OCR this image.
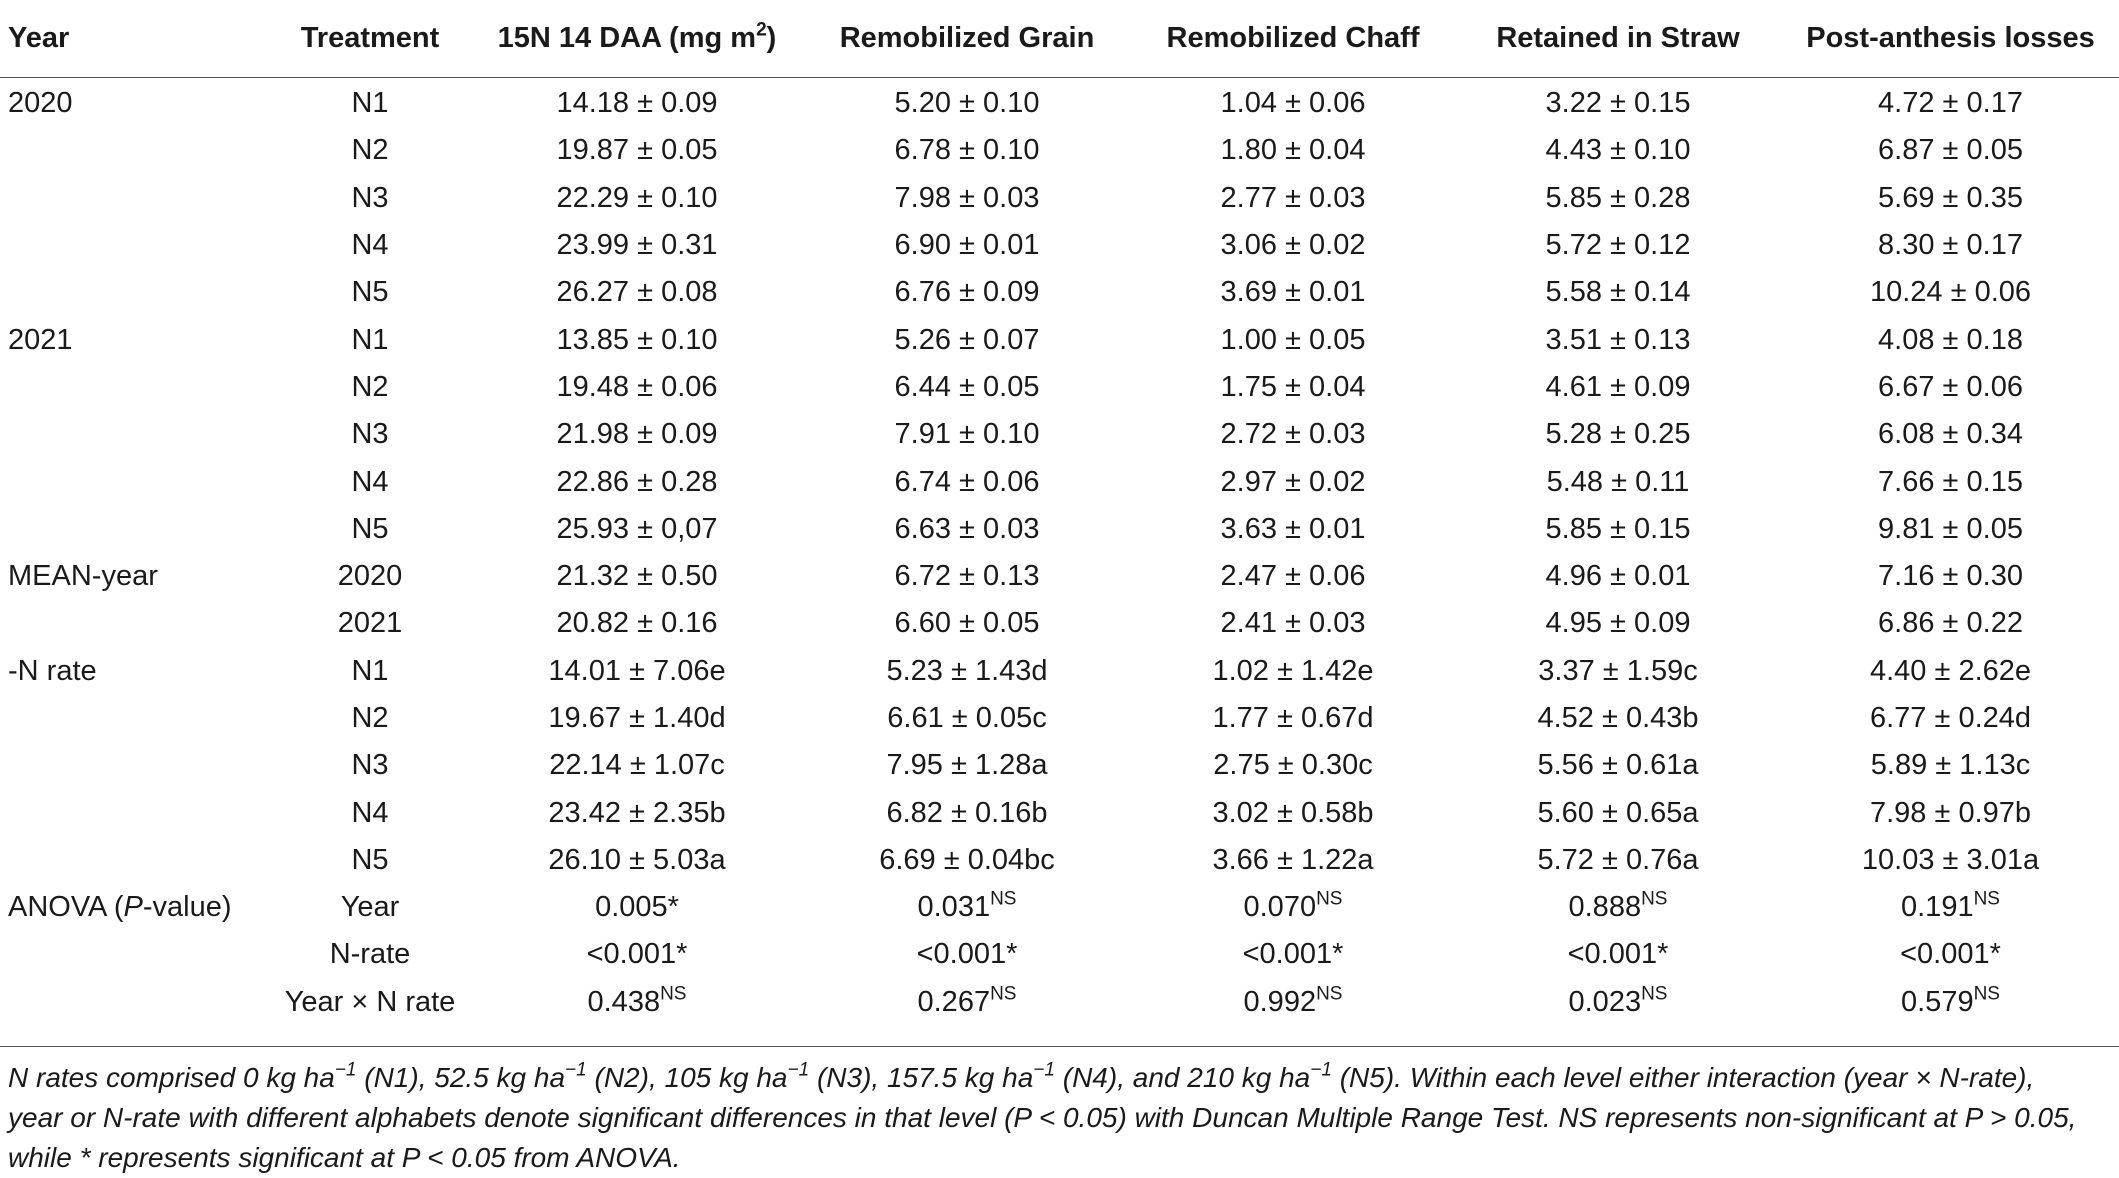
Year	Treatment	15N 14 DAA (mg $m^2$)	Remobilized Grain	Remobilized Chaff	Retained in Straw	Post-anthesis losses
2020	N1	14.18 ± 0.09	5.20 ± 0.10	1.04 ± 0.06	3.22 ± 0.15	4.72 ± 0.17
	N2	19.87 ± 0.05	6.78 ± 0.10	1.80 ± 0.04	4.43 ± 0.10	6.87 ± 0.05
	N3	22.29 ± 0.10	7.98 ± 0.03	2.77 ± 0.03	5.85 ± 0.28	5.69 ± 0.35
	N4	23.99 ± 0.31	6.90 ± 0.01	3.06 ± 0.02	5.72 ± 0.12	8.30 ± 0.17
	N5	26.27 ± 0.08	6.76 ± 0.09	3.69 ± 0.01	5.58 ± 0.14	10.24 ± 0.06
2021	N1	13.85 ± 0.10	5.26 ± 0.07	1.00 ± 0.05	3.51 ± 0.13	4.08 ± 0.18
	N2	19.48 ± 0.06	6.44 ± 0.05	1.75 ± 0.04	4.61 ± 0.09	6.67 ± 0.06
	N3	21.98 ± 0.09	7.91 ± 0.10	2.72 ± 0.03	5.28 ± 0.25	6.08 ± 0.34
	N4	22.86 ± 0.28	6.74 ± 0.06	2.97 ± 0.02	5.48 ± 0.11	7.66 ± 0.15
	N5	25.93 ± 0,07	6.63 ± 0.03	3.63 ± 0.01	5.85 ± 0.15	9.81 ± 0.05
MEAN-year	2020	21.32 ± 0.50	6.72 ± 0.13	2.47 ± 0.06	4.96 ± 0.01	7.16 ± 0.30
	2021	20.82 ± 0.16	6.60 ± 0.05	2.41 ± 0.03	4.95 ± 0.09	6.86 ± 0.22
-N rate	N1	14.01 ± 7.06e	5.23 ± 1.43d	1.02 ± 1.42e	3.37 ± 1.59c	4.40 ± 2.62e
	N2	19.67 ± 1.40d	6.61 ± 0.05c	1.77 ± 0.67d	4.52 ± 0.43b	6.77 ± 0.24d
	N3	22.14 ± 1.07c	7.95 ± 1.28a	2.75 ± 0.30c	5.56 ± 0.61a	5.89 ± 1.13c
	N4	23.42 ± 2.35b	6.82 ± 0.16b	3.02 ± 0.58b	5.60 ± 0.65a	7.98 ± 0.97b
	N5	26.10 ± 5.03a	6.69 ± 0.04bc	3.66 ± 1.22a	5.72 ± 0.76a	10.03 ± 3.01a
ANOVA (P-value)	Year	0.005*	$0.031^{NS}$	$0.070^{NS}$	$0.888^{NS}$	$0.191^{NS}$
	N-rate	<0.001*	<0.001*	<0.001*	<0.001*	<0.001*
	Year × N rate	$0.438^{NS}$	$0.267^{NS}$	$0.992^{NS}$	$0.023^{NS}$	$0.579^{NS}$
N rates comprised 0 kg $ha^{-1}$ (N1), 52.5 kg $ha^{-1}$ (N2), 105 kg $ha^{-1}$ (N3), 157.5 kg $ha^{-1}$ (N4), and 210 kg $ha^{-1}$ (N5). Within each level either interaction (year × N-rate),
year or N-rate with different alphabets denote significant differences in that level (P < 0.05) with Duncan Multiple Range Test. NS represents non-significant at P > 0.05,
while * represents significant at P < 0.05 from ANOVA.
